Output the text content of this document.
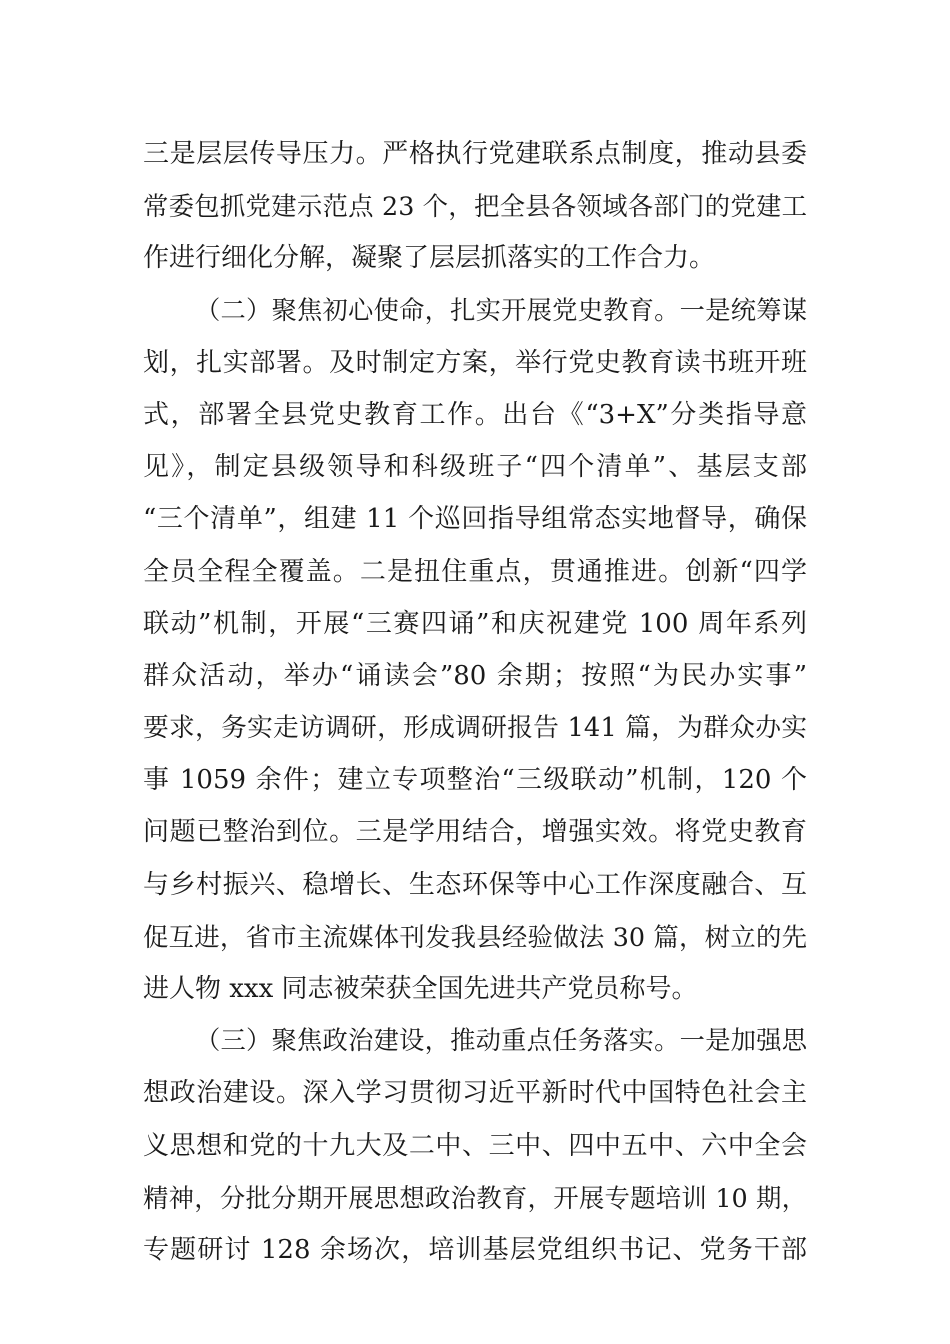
三是层层传导压力。严格执行党建联系点制度，推动县委
常委包抓党建示范点 23 个，把全县各领域各部门的党建工
作进行细化分解，凝聚了层层抓落实的工作合力。
（二）聚焦初心使命，扎实开展党史教育。一是统筹谋
划，扎实部署。及时制定方案，举行党史教育读书班开班
式，部署全县党史教育工作。出台《“3+X”分类指导意
见》，制定县级领导和科级班子“四个清单”、基层支部
“三个清单”，组建 11 个巡回指导组常态实地督导，确保
全员全程全覆盖。二是扭住重点，贯通推进。创新“四学
联动”机制，开展“三赛四诵”和庆祝建党 100 周年系列
群众活动，举办“诵读会”80 余期；按照“为民办实事”
要求，务实走访调研，形成调研报告 141 篇，为群众办实
事 1059 余件；建立专项整治“三级联动”机制，120 个
问题已整治到位。三是学用结合，增强实效。将党史教育
与乡村振兴、稳增长、生态环保等中心工作深度融合、互
促互进，省市主流媒体刊发我县经验做法 30 篇，树立的先
进人物 xxx 同志被荣获全国先进共产党员称号。
（三）聚焦政治建设，推动重点任务落实。一是加强思
想政治建设。深入学习贯彻习近平新时代中国特色社会主
义思想和党的十九大及二中、三中、四中五中、六中全会
精神，分批分期开展思想政治教育，开展专题培训 10 期，
专题研讨 128 余场次，培训基层党组织书记、党务干部
